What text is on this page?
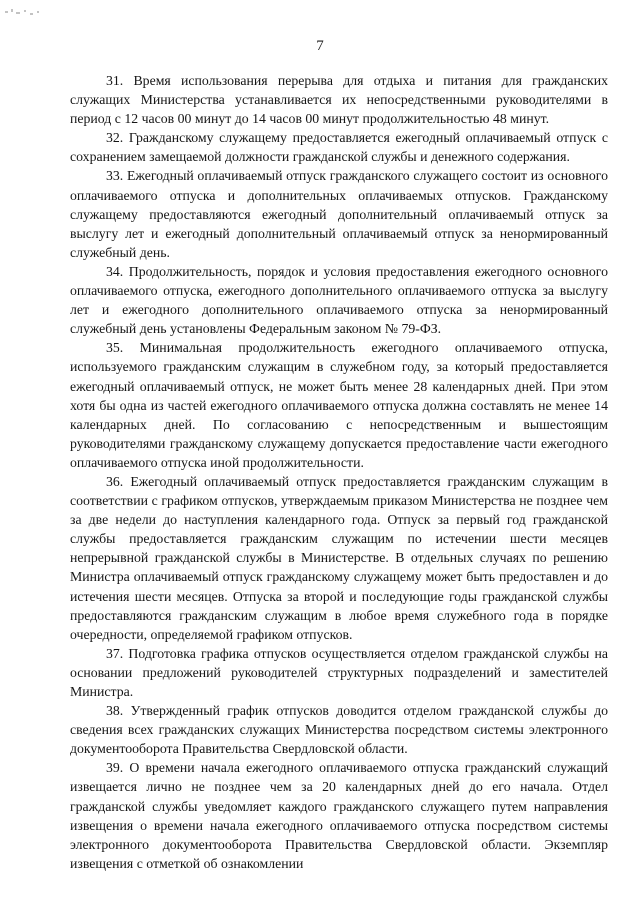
7

31. Время использования перерыва для отдыха и питания для гражданских служащих Министерства устанавливается их непосредственными руководителями в период с 12 часов 00 минут до 14 часов 00 минут продолжительностью 48 минут.

32. Гражданскому служащему предоставляется ежегодный оплачиваемый отпуск с сохранением замещаемой должности гражданской службы и денежного содержания.

33. Ежегодный оплачиваемый отпуск гражданского служащего состоит из основного оплачиваемого отпуска и дополнительных оплачиваемых отпусков. Гражданскому служащему предоставляются ежегодный дополнительный оплачиваемый отпуск за выслугу лет и ежегодный дополнительный оплачиваемый отпуск за ненормированный служебный день.

34. Продолжительность, порядок и условия предоставления ежегодного основного оплачиваемого отпуска, ежегодного дополнительного оплачиваемого отпуска за выслугу лет и ежегодного дополнительного оплачиваемого отпуска за ненормированный служебный день установлены Федеральным законом № 79-ФЗ.

35. Минимальная продолжительность ежегодного оплачиваемого отпуска, используемого гражданским служащим в служебном году, за который предоставляется ежегодный оплачиваемый отпуск, не может быть менее 28 календарных дней. При этом хотя бы одна из частей ежегодного оплачиваемого отпуска должна составлять не менее 14 календарных дней. По согласованию с непосредственным и вышестоящим руководителями гражданскому служащему допускается предоставление части ежегодного оплачиваемого отпуска иной продолжительности.

36. Ежегодный оплачиваемый отпуск предоставляется гражданским служащим в соответствии с графиком отпусков, утверждаемым приказом Министерства не позднее чем за две недели до наступления календарного года. Отпуск за первый год гражданской службы предоставляется гражданским служащим по истечении шести месяцев непрерывной гражданской службы в Министерстве. В отдельных случаях по решению Министра оплачиваемый отпуск гражданскому служащему может быть предоставлен и до истечения шести месяцев. Отпуска за второй и последующие годы гражданской службы предоставляются гражданским служащим в любое время служебного года в порядке очередности, определяемой графиком отпусков.

37. Подготовка графика отпусков осуществляется отделом гражданской службы на основании предложений руководителей структурных подразделений и заместителей Министра.

38. Утвержденный график отпусков доводится отделом гражданской службы до сведения всех гражданских служащих Министерства посредством системы электронного документооборота Правительства Свердловской области.

39. О времени начала ежегодного оплачиваемого отпуска гражданский служащий извещается лично не позднее чем за 20 календарных дней до его начала. Отдел гражданской службы уведомляет каждого гражданского служащего путем направления извещения о времени начала ежегодного оплачиваемого отпуска посредством системы электронного документооборота Правительства Свердловской области. Экземпляр извещения с отметкой об ознакомлении
